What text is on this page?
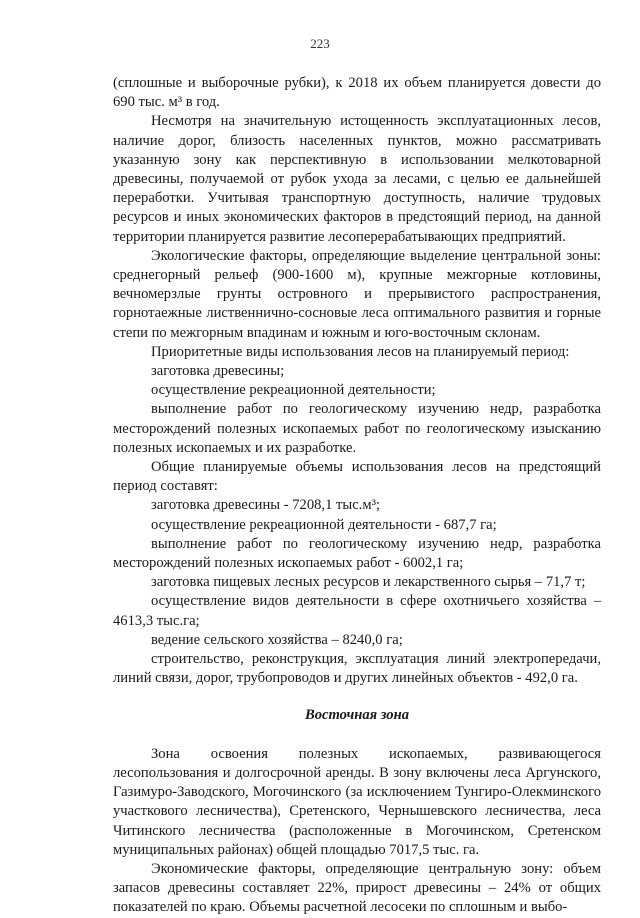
223

(сплошные и выборочные рубки), к 2018 их объем планируется довести до 690 тыс. м³ в год.

Несмотря на значительную истощенность эксплуатационных лесов, наличие дорог, близость населенных пунктов, можно рассматривать указанную зону как перспективную в использовании мелкотоварной древесины, получаемой от рубок ухода за лесами, с целью ее дальнейшей переработки. Учитывая транспортную доступность, наличие трудовых ресурсов и иных экономических факторов в предстоящий период, на данной территории планируется развитие лесоперерабатывающих предприятий.

Экологические факторы, определяющие выделение центральной зоны: среднегорный рельеф (900-1600 м), крупные межгорные котловины, вечномерзлые грунты островного и прерывистого распространения, горнотаежные лиственнично-сосновые леса оптимального развития и горные степи по межгорным впадинам и южным и юго-восточным склонам.

Приоритетные виды использования лесов на планируемый период:

заготовка древесины;

осуществление рекреационной деятельности;

выполнение работ по геологическому изучению недр, разработка месторождений полезных ископаемых работ по геологическому изысканию полезных ископаемых и их разработке.

Общие планируемые объемы использования лесов на предстоящий период составят:

заготовка древесины - 7208,1 тыс.м³;

осуществление рекреационной деятельности - 687,7 га;

выполнение работ по геологическому изучению недр, разработка месторождений полезных ископаемых работ - 6002,1 га;

заготовка пищевых лесных ресурсов и лекарственного сырья – 71,7 т;

осуществление видов деятельности в сфере охотничьего хозяйства – 4613,3 тыс.га;

ведение сельского хозяйства – 8240,0 га;

строительство, реконструкция, эксплуатация линий электропередачи, линий связи, дорог, трубопроводов и других линейных объектов - 492,0 га.

Восточная зона

Зона освоения полезных ископаемых, развивающегося лесопользования и долгосрочной аренды. В зону включены леса Аргунского, Газимуро-Заводского, Могочинского (за исключением Тунгиро-Олекминского участкового лесничества), Сретенского, Чернышевского лесничества, леса Читинского лесничества (расположенные в Могочинском, Сретенском муниципальных районах) общей площадью 7017,5 тыс. га.

Экономические факторы, определяющие центральную зону: объем запасов древесины составляет 22%, прирост древесины – 24% от общих показателей по краю. Объемы расчетной лесосеки по сплошным и выбо-
